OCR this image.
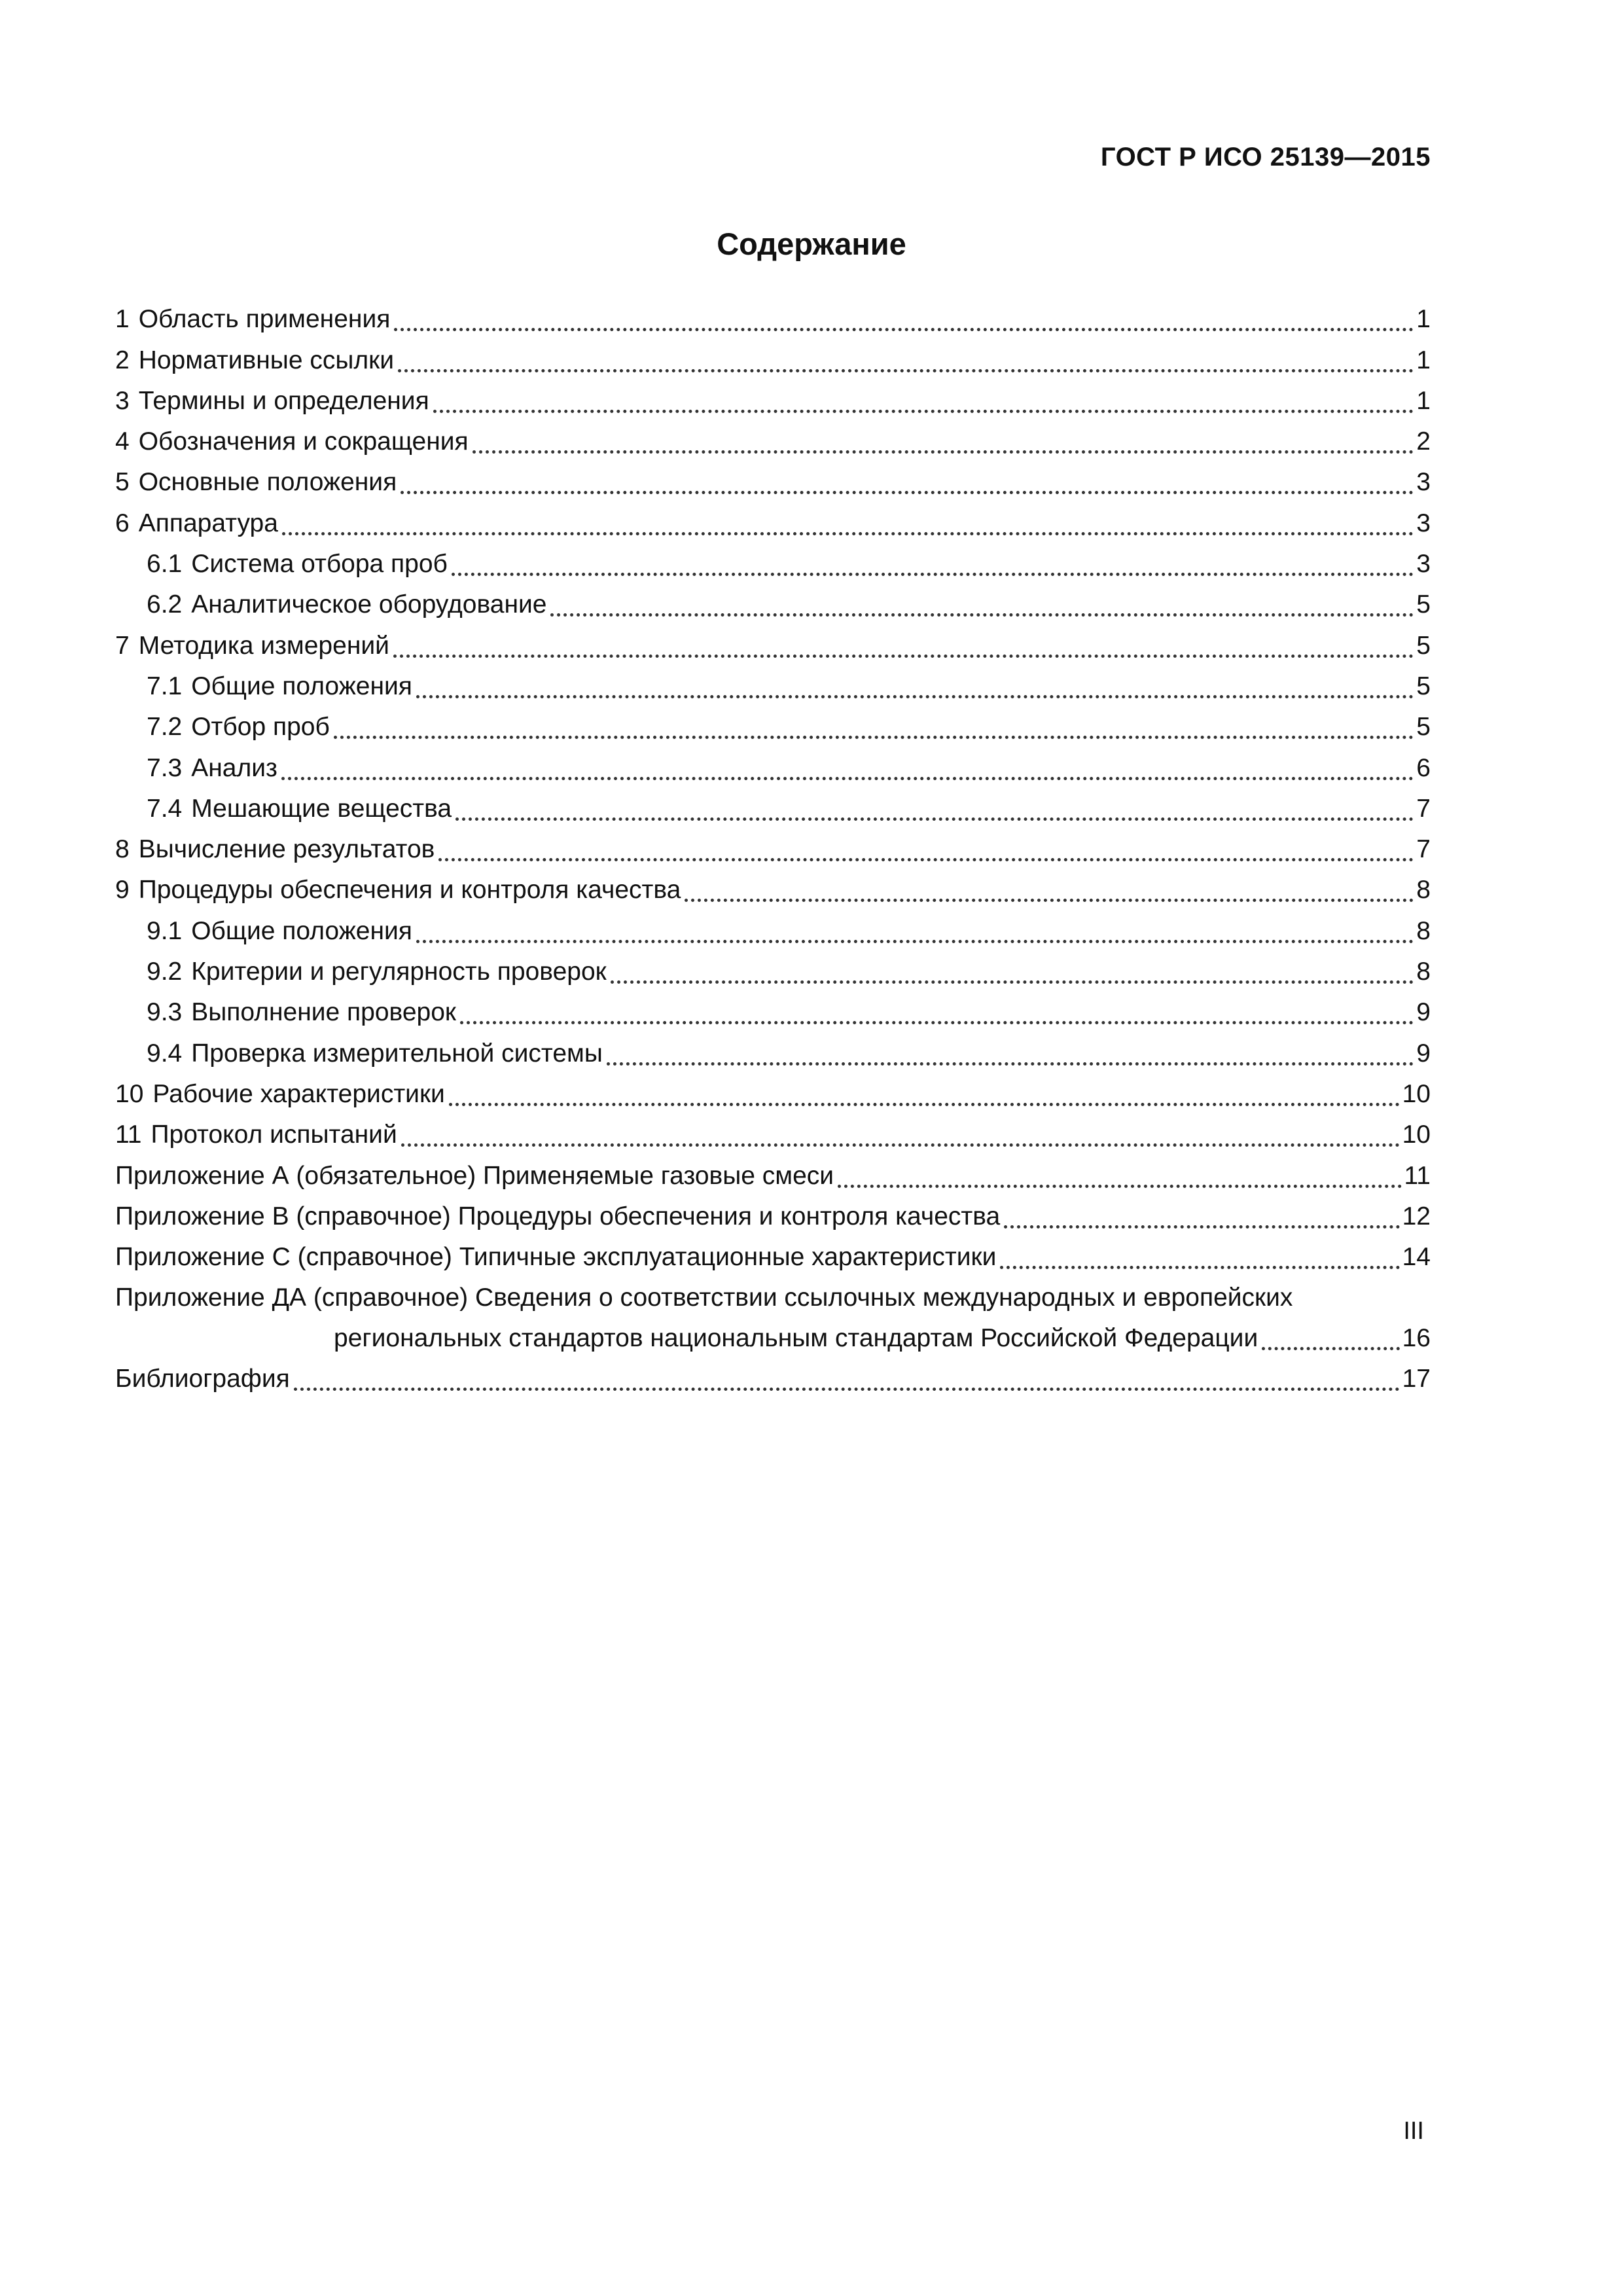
ГОСТ Р ИСО 25139—2015
Содержание
1 Область применения	1
2 Нормативные ссылки	1
3 Термины и определения	1
4 Обозначения и сокращения	2
5 Основные положения	3
6 Аппаратура	3
6.1 Система отбора проб	3
6.2 Аналитическое оборудование	5
7 Методика измерений	5
7.1 Общие положения	5
7.2 Отбор проб	5
7.3 Анализ	6
7.4 Мешающие вещества	7
8 Вычисление результатов	7
9 Процедуры обеспечения и контроля качества	8
9.1 Общие положения	8
9.2 Критерии и регулярность проверок	8
9.3 Выполнение проверок	9
9.4 Проверка измерительной системы	9
10 Рабочие характеристики	10
11 Протокол испытаний	10
Приложение А (обязательное) Применяемые газовые смеси	11
Приложение В (справочное) Процедуры обеспечения и контроля качества	12
Приложение С (справочное) Типичные эксплуатационные характеристики	14
Приложение ДА (справочное) Сведения о соответствии ссылочных международных и европейских
региональных стандартов национальным стандартам Российской Федерации	16
Библиография	17
III
